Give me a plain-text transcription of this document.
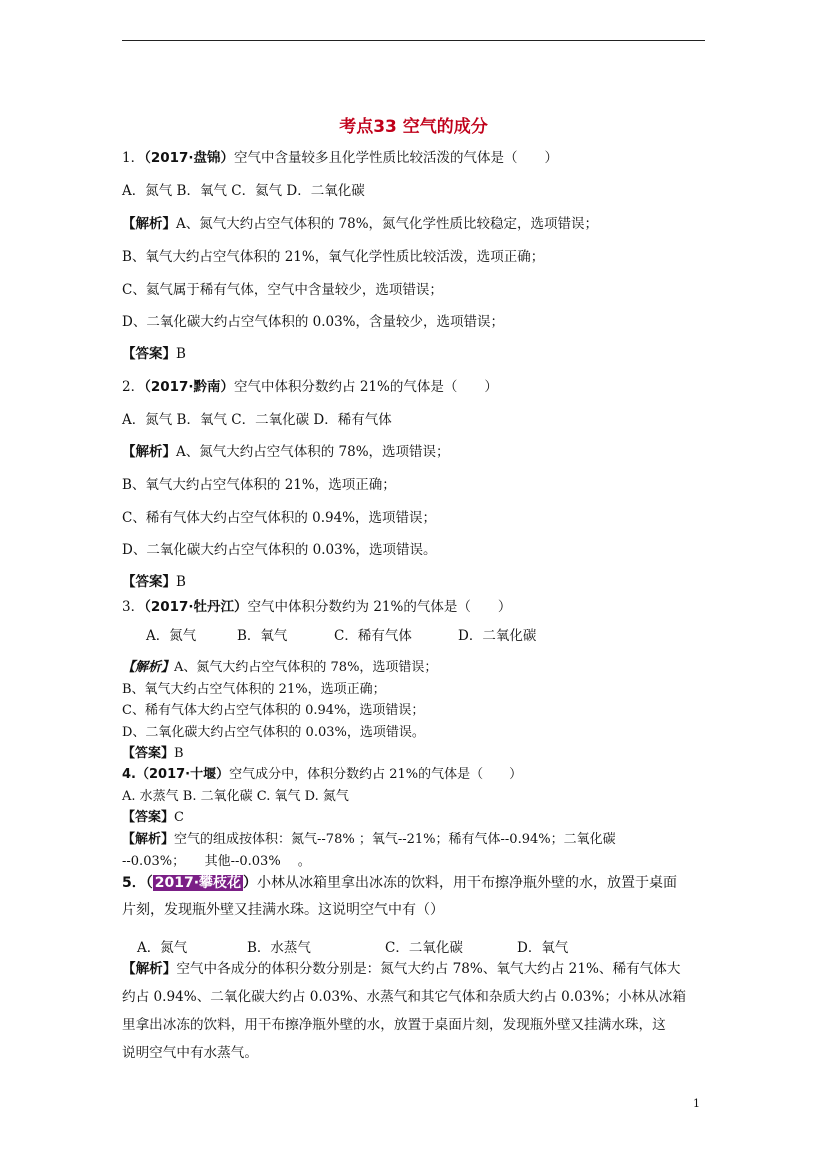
考点33 空气的成分
1．（2017·盘锦）空气中含量较多且化学性质比较活泼的气体是（　　）
A．氮气 B．氧气 C．氦气 D．二氧化碳
【解析】A、氮气大约占空气体积的 78%，氮气化学性质比较稳定，选项错误；
B、氧气大约占空气体积的 21%，氧气化学性质比较活泼，选项正确；
C、氦气属于稀有气体，空气中含量较少，选项错误；
D、二氧化碳大约占空气体积的 0.03%，含量较少，选项错误；
【答案】B
2．（2017·黔南）空气中体积分数约占 21%的气体是（　　）
A．氮气 B．氧气 C．二氧化碳 D．稀有气体
【解析】A、氮气大约占空气体积的 78%，选项错误；
B、氧气大约占空气体积的 21%，选项正确；
C、稀有气体大约占空气体积的 0.94%，选项错误；
D、二氧化碳大约占空气体积的 0.03%，选项错误。
【答案】B
3．（2017·牡丹江）空气中体积分数约为 21%的气体是（　　）
A．氮气	B．氧气	C．稀有气体	D．二氧化碳
【解析】A、氮气大约占空气体积的 78%，选项错误；
B、氧气大约占空气体积的 21%，选项正确；
C、稀有气体大约占空气体积的 0.94%，选项错误；
D、二氧化碳大约占空气体积的 0.03%，选项错误。
【答案】B
4.（2017·十堰）空气成分中，体积分数约占 21%的气体是（　　）
A. 水蒸气 B. 二氧化碳 C. 氧气 D. 氮气
【答案】C
【解析】空气的组成按体积：氮气--78% ；氧气--21%；稀有气体--0.94%；二氧化碳
--0.03%；　　其他--0.03% 　。
5．（ 2017·攀枝花 ）小林从冰箱里拿出冰冻的饮料，用干布擦净瓶外壁的水，放置于桌面
片刻，发现瓶外壁又挂满水珠。这说明空气中有（）
A．氮气	B．水蒸气	C．二氧化碳	D．氧气
【解析】空气中各成分的体积分数分别是：氮气大约占 78%、氧气大约占 21%、稀有气体大
约占 0.94%、二氧化碳大约占 0.03%、水蒸气和其它气体和杂质大约占 0.03%；小林从冰箱
里拿出冰冻的饮料，用干布擦净瓶外壁的水，放置于桌面片刻，发现瓶外壁又挂满水珠，这
说明空气中有水蒸气。
1
